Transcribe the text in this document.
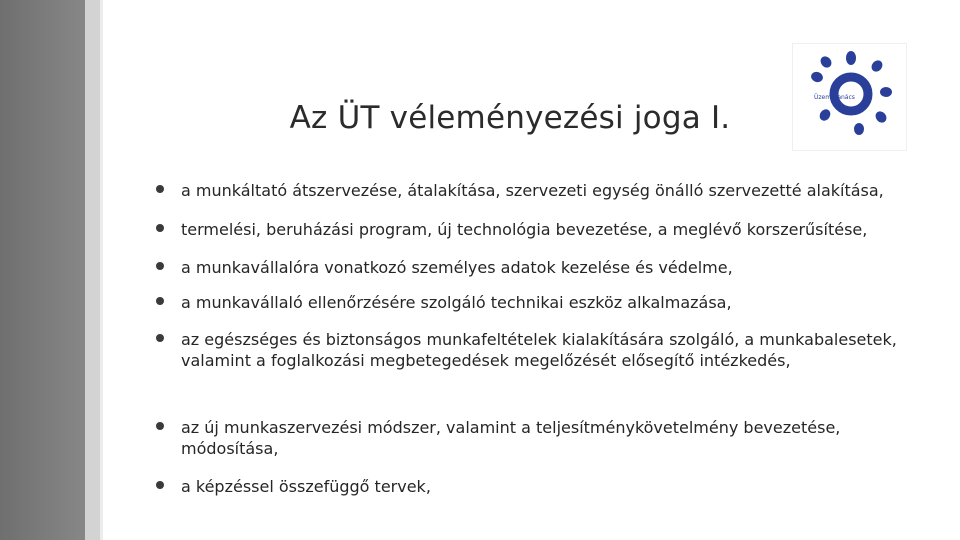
Az ÜT véleményezési joga I.
Üzemi Tanács
a munkáltató átszervezése, átalakítása, szervezeti egység önálló szervezetté alakítása,
termelési, beruházási program, új technológia bevezetése, a meglévő korszerűsítése,
a munkavállalóra vonatkozó személyes adatok kezelése és védelme,
a munkavállaló ellenőrzésére szolgáló technikai eszköz alkalmazása,
az egészséges és biztonságos munkafeltételek kialakítására szolgáló, a munkabalesetek, valamint a foglalkozási megbetegedések megelőzését elősegítő intézkedés,
az új munkaszervezési módszer, valamint a teljesítménykövetelmény bevezetése, módosítása,
a képzéssel összefüggő tervek,
